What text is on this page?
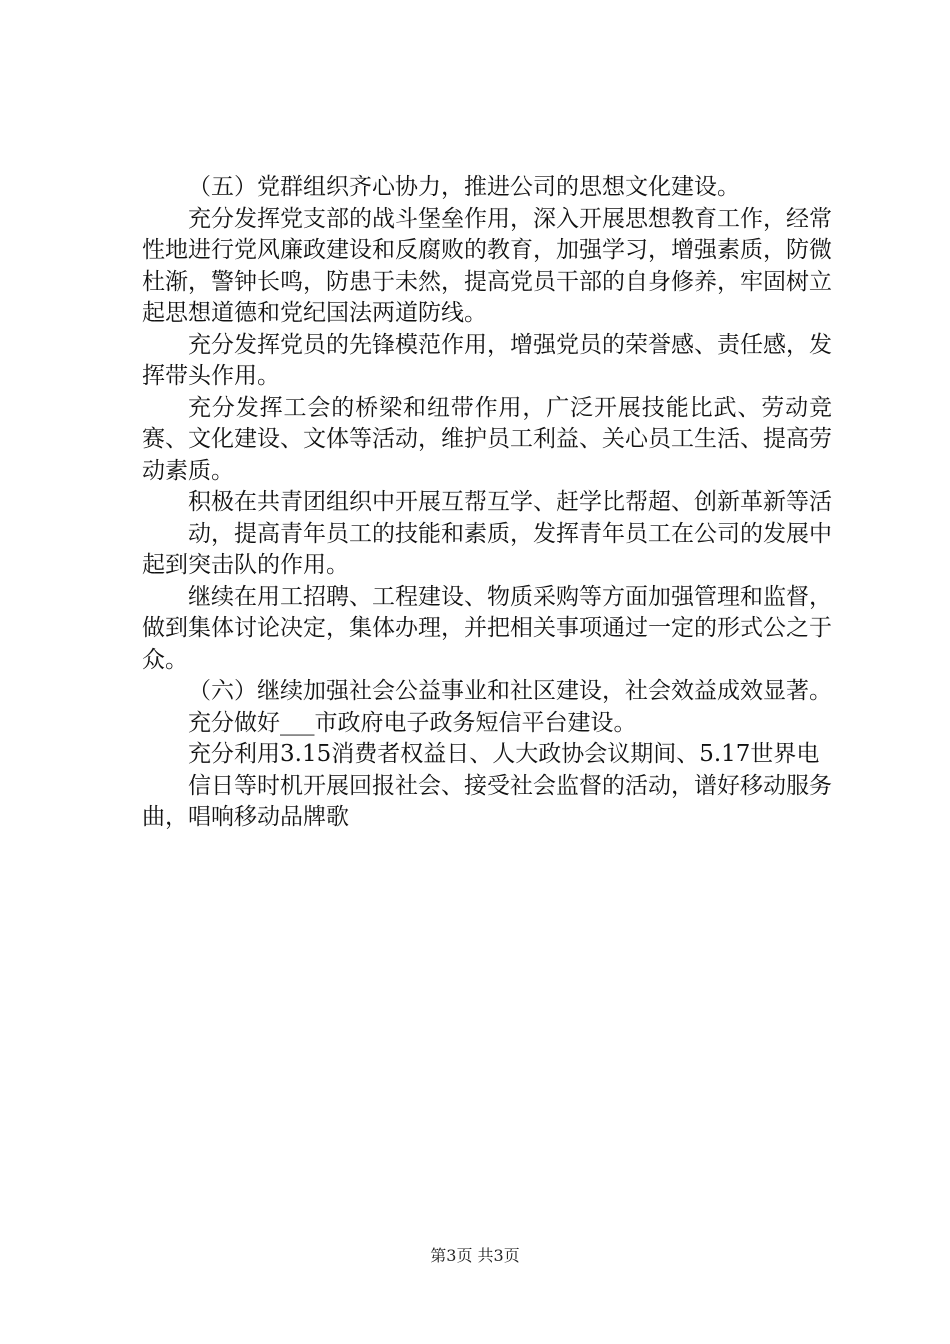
（五）党群组织齐心协力，推进公司的思想文化建设。

充分发挥党支部的战斗堡垒作用，深入开展思想教育工作，经常性地进行党风廉政建设和反腐败的教育，加强学习，增强素质，防微杜渐，警钟长鸣，防患于未然，提高党员干部的自身修养，牢固树立起思想道德和党纪国法两道防线。

充分发挥党员的先锋模范作用，增强党员的荣誉感、责任感，发挥带头作用。

充分发挥工会的桥梁和纽带作用，广泛开展技能比武、劳动竞赛、文化建设、文体等活动，维护员工利益、关心员工生活、提高劳动素质。

积极在共青团组织中开展互帮互学、赶学比帮超、创新革新等活

动，提高青年员工的技能和素质，发挥青年员工在公司的发展中起到突击队的作用。

继续在用工招聘、工程建设、物质采购等方面加强管理和监督，做到集体讨论决定，集体办理，并把相关事项通过一定的形式公之于众。

（六）继续加强社会公益事业和社区建设，社会效益成效显著。

充分做好___市政府电子政务短信平台建设。

充分利用3.15消费者权益日、人大政协会议期间、5.17世界电

信日等时机开展回报社会、接受社会监督的活动，谱好移动服务曲，唱响移动品牌歌

第3页 共3页
